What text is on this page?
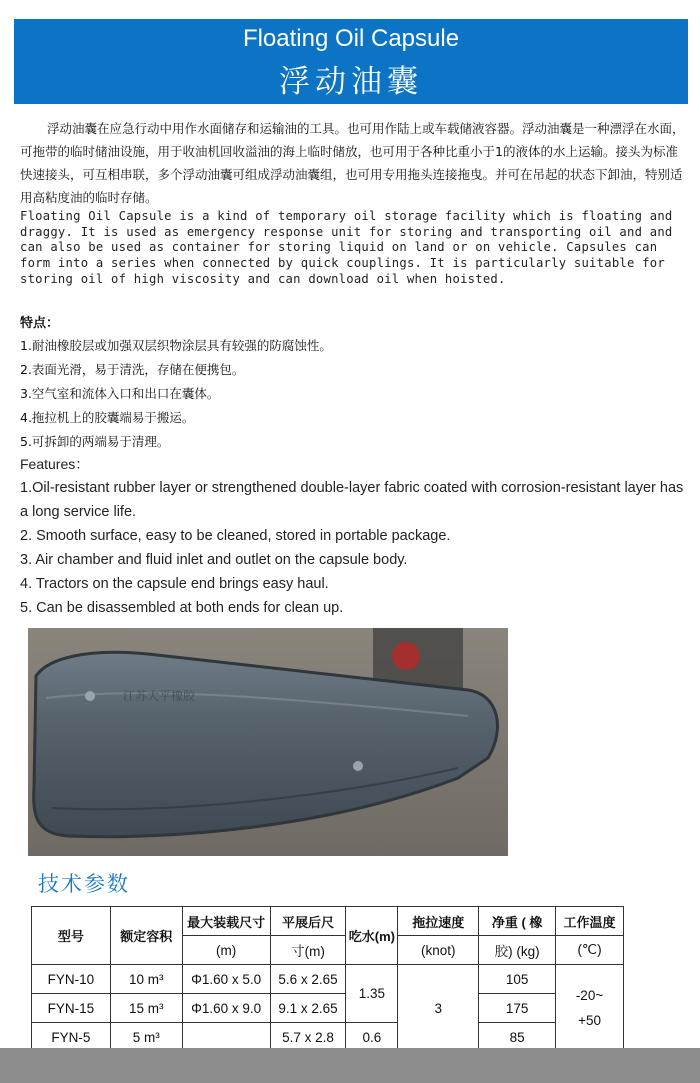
Floating Oil Capsule
浮动油囊

浮动油囊在应急行动中用作水面储存和运输油的工具。也可用作陆上或车载储液容器。浮动油囊是一种漂浮在水面，可拖带的临时储油设施，用于收油机回收溢油的海上临时储放，也可用于各种比重小于1的液体的水上运输。接头为标准快速接头，可互相串联，多个浮动油囊可组成浮动油囊组，也可用专用拖头连接拖曳。并可在吊起的状态下卸油，特别适用高粘度油的临时存储。

Floating Oil Capsule is a kind of temporary oil storage facility which is floating and draggy. It is used as emergency response unit for storing and transporting oil and and can also be used as container for storing liquid on land or on vehicle. Capsules can form into a series when connected by quick couplings. It is particularly suitable for storing oil of high viscosity and can download oil when hoisted.

特点：
1.耐油橡胶层或加强双层织物涂层具有较强的防腐蚀性。
2.表面光滑，易于清洗，存储在便携包。
3.空气室和流体入口和出口在囊体。
4.拖拉机上的胶囊端易于搬运。
5.可拆卸的两端易于清理。
Features：
1.Oil-resistant rubber layer or strengthened double-layer fabric coated with corrosion-resistant layer has a long service life.
2. Smooth surface, easy to be cleaned, stored in portable package.
3. Air chamber and fluid inlet and outlet on the capsule body.
4. Tractors on the capsule end brings easy haul.
5. Can be disassembled at both ends for clean up.
江苏大平橡胶
技术参数
型号	额定容积	最大装载尺寸	平展后尺	吃水(m)	拖拉速度	净重 ( 橡	工作温度
		(m)	寸(m)		(knot)	胶) (kg)	(℃)
FYN-10	10 m³	Φ1.60 x 5.0	5.6 x 2.65	1.35	3	105	-20~
+50

FYN-15	15 m³	Φ1.60 x 9.0	9.1 x 2.65			175	
FYN-5	5 m³		5.7 x 2.8	0.6		85	
